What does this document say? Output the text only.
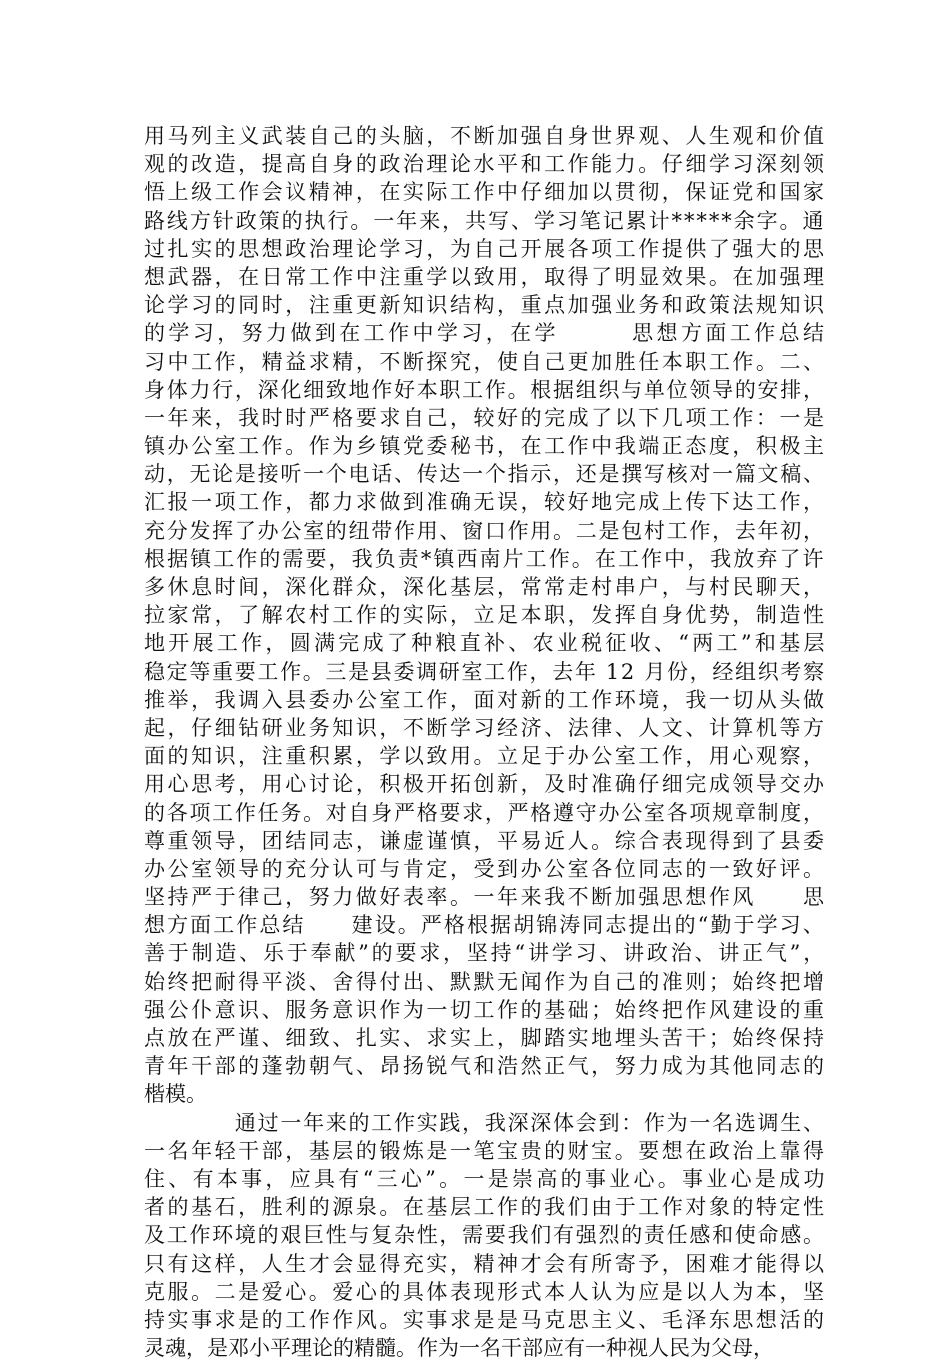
用马列主义武装自己的头脑，不断加强自身世界观、人生观和价值
观的改造，提高自身的政治理论水平和工作能力。仔细学习深刻领
悟上级工作会议精神，在实际工作中仔细加以贯彻，保证党和国家
路线方针政策的执行。一年来，共写、学习笔记累计*****余字。通
过扎实的思想政治理论学习，为自己开展各项工作提供了强大的思
想武器，在日常工作中注重学以致用，取得了明显效果。在加强理
论学习的同时，注重更新知识结构，重点加强业务和政策法规知识
的学习，努力做到在工作中学习，在学　　　思想方面工作总结
习中工作，精益求精，不断探究，使自己更加胜任本职工作。二、
身体力行，深化细致地作好本职工作。根据组织与单位领导的安排，
一年来，我时时严格要求自己，较好的完成了以下几项工作：一是
镇办公室工作。作为乡镇党委秘书，在工作中我端正态度，积极主
动，无论是接听一个电话、传达一个指示，还是撰写核对一篇文稿、
汇报一项工作，都力求做到准确无误，较好地完成上传下达工作，
充分发挥了办公室的纽带作用、窗口作用。二是包村工作，去年初，
根据镇工作的需要，我负责*镇西南片工作。在工作中，我放弃了许
多休息时间，深化群众，深化基层，常常走村串户，与村民聊天，
拉家常，了解农村工作的实际，立足本职，发挥自身优势，制造性
地开展工作，圆满完成了种粮直补、农业税征收、“两工”和基层
稳定等重要工作。三是县委调研室工作，去年 12 月份，经组织考察
推举，我调入县委办公室工作，面对新的工作环境，我一切从头做
起，仔细钻研业务知识，不断学习经济、法律、人文、计算机等方
面的知识，注重积累，学以致用。立足于办公室工作，用心观察，
用心思考，用心讨论，积极开拓创新，及时准确仔细完成领导交办
的各项工作任务。对自身严格要求，严格遵守办公室各项规章制度，
尊重领导，团结同志，谦虚谨慎，平易近人。综合表现得到了县委
办公室领导的充分认可与肯定，受到办公室各位同志的一致好评。
坚持严于律己，努力做好表率。一年来我不断加强思想作风　　思
想方面工作总结　　建设。严格根据胡锦涛同志提出的“勤于学习、
善于制造、乐于奉献”的要求，坚持“讲学习、讲政治、讲正气”，
始终把耐得平淡、舍得付出、默默无闻作为自己的准则；始终把增
强公仆意识、服务意识作为一切工作的基础；始终把作风建设的重
点放在严谨、细致、扎实、求实上，脚踏实地埋头苦干；始终保持
青年干部的蓬勃朝气、昂扬锐气和浩然正气，努力成为其他同志的
楷模。
　　　　通过一年来的工作实践，我深深体会到：作为一名选调生、
一名年轻干部，基层的锻炼是一笔宝贵的财宝。要想在政治上靠得
住、有本事，应具有“三心”。一是崇高的事业心。事业心是成功
者的基石，胜利的源泉。在基层工作的我们由于工作对象的特定性
及工作环境的艰巨性与复杂性，需要我们有强烈的责任感和使命感。
只有这样，人生才会显得充实，精神才会有所寄予，困难才能得以
克服。二是爱心。爱心的具体表现形式本人认为应是以人为本，坚
持实事求是的工作作风。实事求是是马克思主义、毛泽东思想活的
灵魂，是邓小平理论的精髓。作为一名干部应有一种视人民为父母，
